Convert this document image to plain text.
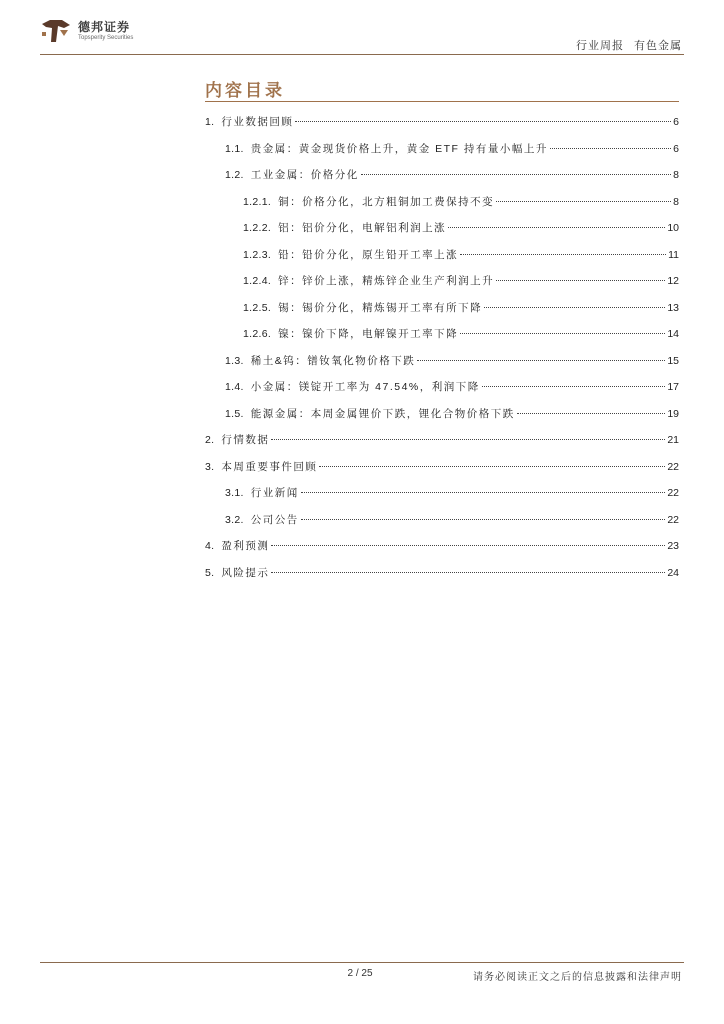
德邦证券
Topsperity Securities
行业周报 有色金属
内容目录
1. 行业数据回顾	6
1.1. 贵金属：黄金现货价格上升，黄金 ETF 持有量小幅上升	6
1.2. 工业金属：价格分化	8
1.2.1. 铜：价格分化，北方粗铜加工费保持不变	8
1.2.2. 铝：铝价分化，电解铝利润上涨	10
1.2.3. 铅：铅价分化，原生铅开工率上涨	11
1.2.4. 锌：锌价上涨，精炼锌企业生产利润上升	12
1.2.5. 锡：锡价分化，精炼锡开工率有所下降	13
1.2.6. 镍：镍价下降，电解镍开工率下降	14
1.3. 稀土&钨：镨钕氧化物价格下跌	15
1.4. 小金属：镁锭开工率为 47.54%，利润下降	17
1.5. 能源金属：本周金属锂价下跌，锂化合物价格下跌	19
2. 行情数据	21
3. 本周重要事件回顾	22
3.1. 行业新闻	22
3.2. 公司公告	22
4. 盈利预测	23
5. 风险提示	24
2 / 25	请务必阅读正文之后的信息披露和法律声明
